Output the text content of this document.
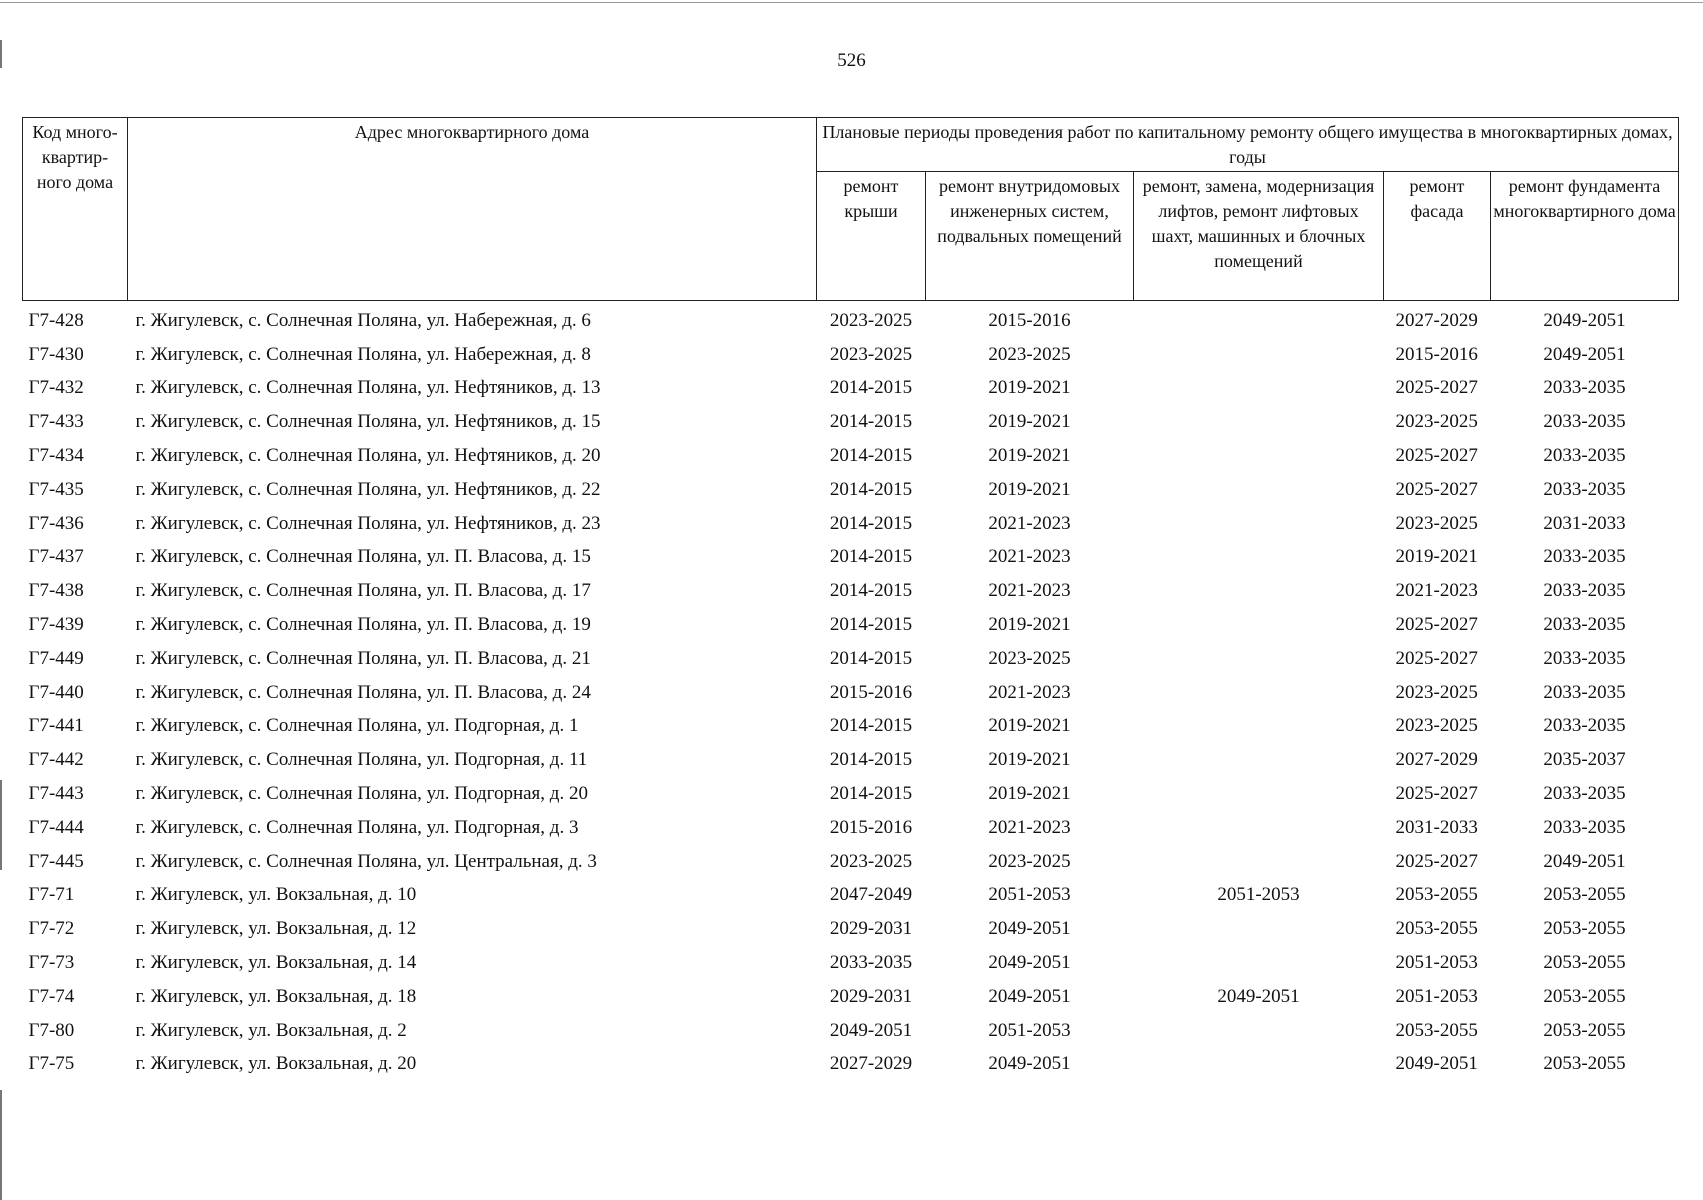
526
Код много-квартир-ного дома	Адрес многоквартирного дома	Плановые периоды проведения работ по капитальному ремонту общего имущества в многоквартирных домах, годы				
		ремонт крыши	ремонт внутридомовых инженерных систем, подвальных помещений	ремонт, замена, модернизация лифтов, ремонт лифтовых шахт, машинных и блочных помещений	ремонт фасада	ремонт фундамента многоквартирного дома
Г7-428	г. Жигулевск, с. Солнечная Поляна, ул. Набережная, д. 6	2023-2025	2015-2016		2027-2029	2049-2051
Г7-430	г. Жигулевск, с. Солнечная Поляна, ул. Набережная, д. 8	2023-2025	2023-2025		2015-2016	2049-2051
Г7-432	г. Жигулевск, с. Солнечная Поляна, ул. Нефтяников, д. 13	2014-2015	2019-2021		2025-2027	2033-2035
Г7-433	г. Жигулевск, с. Солнечная Поляна, ул. Нефтяников, д. 15	2014-2015	2019-2021		2023-2025	2033-2035
Г7-434	г. Жигулевск, с. Солнечная Поляна, ул. Нефтяников, д. 20	2014-2015	2019-2021		2025-2027	2033-2035
Г7-435	г. Жигулевск, с. Солнечная Поляна, ул. Нефтяников, д. 22	2014-2015	2019-2021		2025-2027	2033-2035
Г7-436	г. Жигулевск, с. Солнечная Поляна, ул. Нефтяников, д. 23	2014-2015	2021-2023		2023-2025	2031-2033
Г7-437	г. Жигулевск, с. Солнечная Поляна, ул. П. Власова, д. 15	2014-2015	2021-2023		2019-2021	2033-2035
Г7-438	г. Жигулевск, с. Солнечная Поляна, ул. П. Власова, д. 17	2014-2015	2021-2023		2021-2023	2033-2035
Г7-439	г. Жигулевск, с. Солнечная Поляна, ул. П. Власова, д. 19	2014-2015	2019-2021		2025-2027	2033-2035
Г7-449	г. Жигулевск, с. Солнечная Поляна, ул. П. Власова, д. 21	2014-2015	2023-2025		2025-2027	2033-2035
Г7-440	г. Жигулевск, с. Солнечная Поляна, ул. П. Власова, д. 24	2015-2016	2021-2023		2023-2025	2033-2035
Г7-441	г. Жигулевск, с. Солнечная Поляна, ул. Подгорная, д. 1	2014-2015	2019-2021		2023-2025	2033-2035
Г7-442	г. Жигулевск, с. Солнечная Поляна, ул. Подгорная, д. 11	2014-2015	2019-2021		2027-2029	2035-2037
Г7-443	г. Жигулевск, с. Солнечная Поляна, ул. Подгорная, д. 20	2014-2015	2019-2021		2025-2027	2033-2035
Г7-444	г. Жигулевск, с. Солнечная Поляна, ул. Подгорная, д. 3	2015-2016	2021-2023		2031-2033	2033-2035
Г7-445	г. Жигулевск, с. Солнечная Поляна, ул. Центральная, д. 3	2023-2025	2023-2025		2025-2027	2049-2051
Г7-71	г. Жигулевск, ул. Вокзальная, д. 10	2047-2049	2051-2053	2051-2053	2053-2055	2053-2055
Г7-72	г. Жигулевск, ул. Вокзальная, д. 12	2029-2031	2049-2051		2053-2055	2053-2055
Г7-73	г. Жигулевск, ул. Вокзальная, д. 14	2033-2035	2049-2051		2051-2053	2053-2055
Г7-74	г. Жигулевск, ул. Вокзальная, д. 18	2029-2031	2049-2051	2049-2051	2051-2053	2053-2055
Г7-80	г. Жигулевск, ул. Вокзальная, д. 2	2049-2051	2051-2053		2053-2055	2053-2055
Г7-75	г. Жигулевск, ул. Вокзальная, д. 20	2027-2029	2049-2051		2049-2051	2053-2055
